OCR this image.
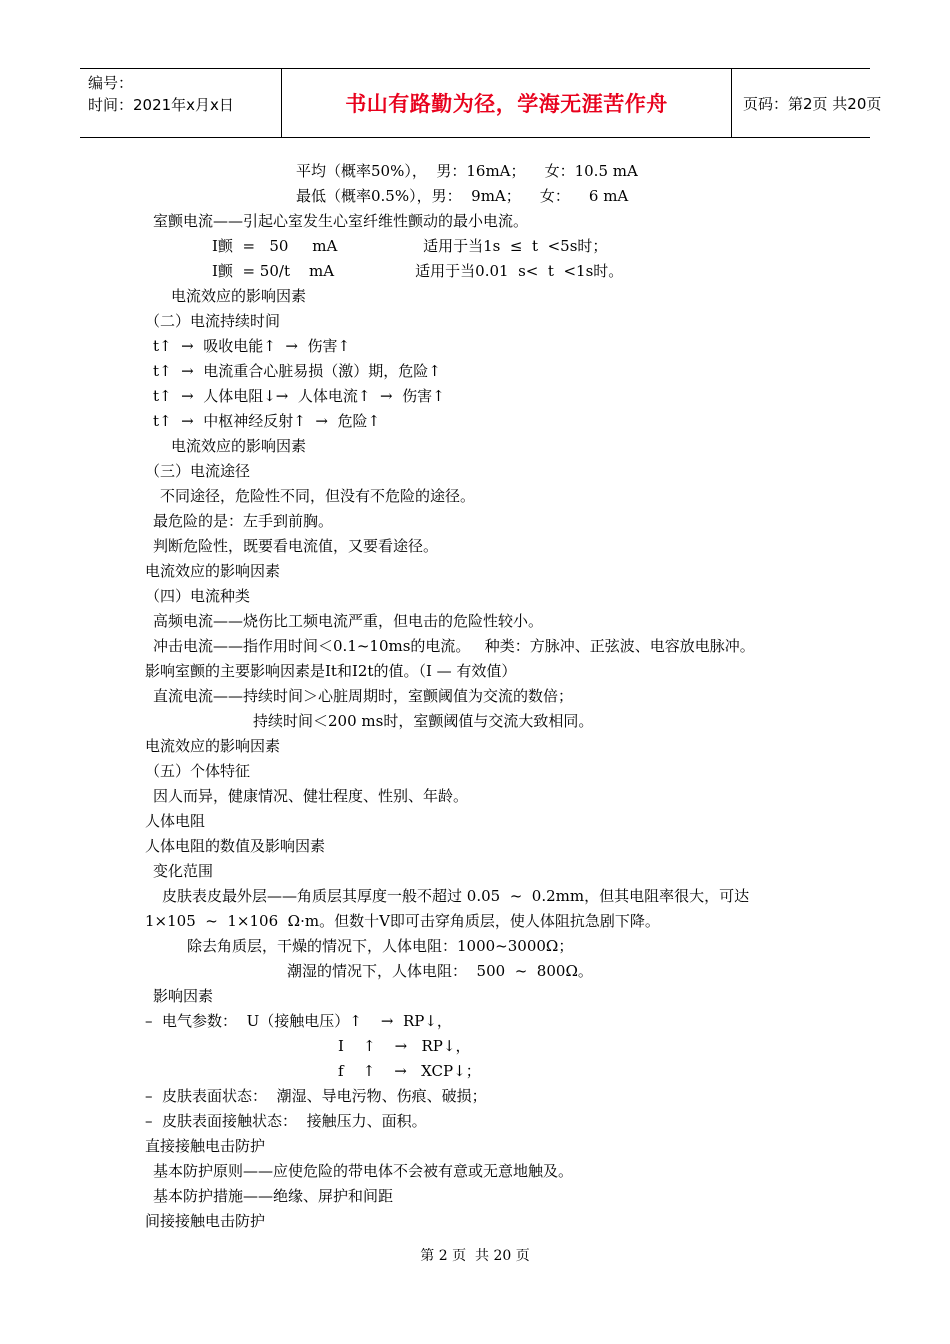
编号：
时间：2021年x月x日	书山有路勤为径，学海无涯苦作舟	页码：第2页 共20页
平均（概率50%），  男：16mA；    女：10.5 mA
最低（概率0.5%），男：  9mA；    女：    6 mA
室颤电流——引起心室发生心室纤维性颤动的最小电流。
I颤  =   50     mA                  适用于当1s  ≤  t  <5s时；
I颤  = 50/t    mA                 适用于当0.01  s<  t  <1s时。
电流效应的影响因素
（二）电流持续时间
t↑  →  吸收电能↑  →  伤害↑
t↑  →  电流重合心脏易损（激）期，危险↑
t↑  →  人体电阻↓→  人体电流↑  →  伤害↑
t↑  →  中枢神经反射↑  →  危险↑
电流效应的影响因素
（三）电流途径
不同途径，危险性不同，但没有不危险的途径。
最危险的是：左手到前胸。
判断危险性，既要看电流值，又要看途径。
电流效应的影响因素
（四）电流种类
高频电流——烧伤比工频电流严重，但电击的危险性较小。
冲击电流——指作用时间＜0.1~10ms的电流。   种类：方脉冲、正弦波、电容放电脉冲。
影响室颤的主要影响因素是It和I2t的值。（I — 有效值）
直流电流——持续时间＞心脏周期时，室颤阈值为交流的数倍；
持续时间＜200 ms时，室颤阈值与交流大致相同。
电流效应的影响因素
（五）个体特征
因人而异，健康情况、健壮程度、性别、年龄。
人体电阻
人体电阻的数值及影响因素
变化范围
皮肤表皮最外层——角质层其厚度一般不超过 0.05  ~  0.2mm，但其电阻率很大，可达
1×105  ~  1×106  Ω·m。但数十V即可击穿角质层，使人体阻抗急剧下降。
除去角质层，干燥的情况下，人体电阻：1000~3000Ω；
潮湿的情况下，人体电阻：  500  ~  800Ω。
影响因素
–  电气参数：  U（接触电压）↑    →  RP↓，
I    ↑    →   RP↓，
f    ↑    →   XCP↓；
–  皮肤表面状态：  潮湿、导电污物、伤痕、破损；
–  皮肤表面接触状态：  接触压力、面积。
直接接触电击防护
基本防护原则——应使危险的带电体不会被有意或无意地触及。
基本防护措施——绝缘、屏护和间距
间接接触电击防护
第 2 页  共 20 页
